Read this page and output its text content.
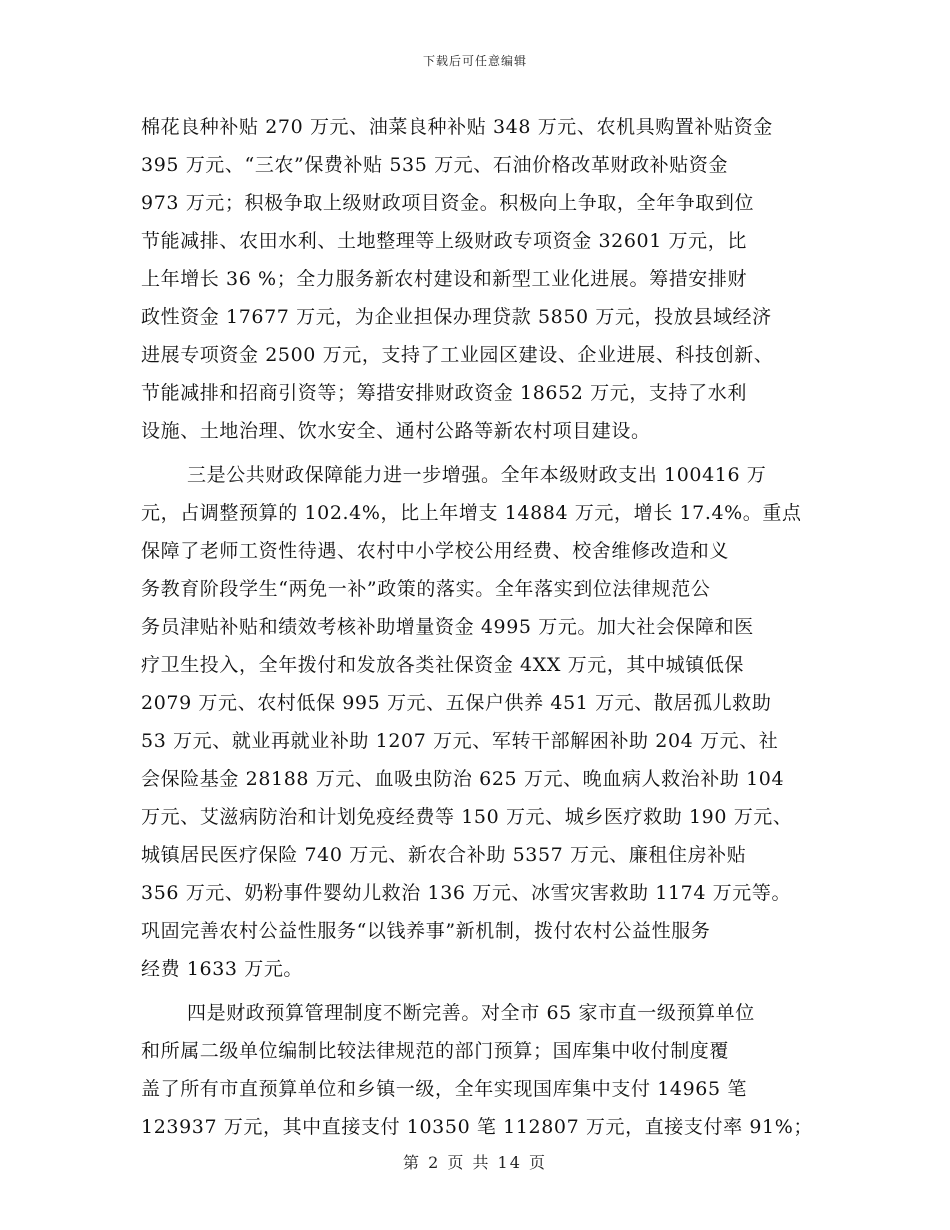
下载后可任意编辑
棉花良种补贴 270 万元、油菜良种补贴 348 万元、农机具购置补贴资金
395 万元、“三农”保费补贴 535 万元、石油价格改革财政补贴资金
973 万元；积极争取上级财政项目资金。积极向上争取，全年争取到位
节能减排、农田水利、土地整理等上级财政专项资金 32601 万元，比
上年增长 36 %；全力服务新农村建设和新型工业化进展。筹措安排财
政性资金 17677 万元，为企业担保办理贷款 5850 万元，投放县域经济
进展专项资金 2500 万元，支持了工业园区建设、企业进展、科技创新、
节能减排和招商引资等；筹措安排财政资金 18652 万元，支持了水利
设施、土地治理、饮水安全、通村公路等新农村项目建设。
三是公共财政保障能力进一步增强。全年本级财政支出 100416 万
元，占调整预算的 102.4%，比上年增支 14884 万元，增长 17.4%。重点
保障了老师工资性待遇、农村中小学校公用经费、校舍维修改造和义
务教育阶段学生“两免一补”政策的落实。全年落实到位法律规范公
务员津贴补贴和绩效考核补助增量资金 4995 万元。加大社会保障和医
疗卫生投入，全年拨付和发放各类社保资金 4XX 万元，其中城镇低保
2079 万元、农村低保 995 万元、五保户供养 451 万元、散居孤儿救助
53 万元、就业再就业补助 1207 万元、军转干部解困补助 204 万元、社
会保险基金 28188 万元、血吸虫防治 625 万元、晚血病人救治补助 104
万元、艾滋病防治和计划免疫经费等 150 万元、城乡医疗救助 190 万元、
城镇居民医疗保险 740 万元、新农合补助 5357 万元、廉租住房补贴
356 万元、奶粉事件婴幼儿救治 136 万元、冰雪灾害救助 1174 万元等。
巩固完善农村公益性服务“以钱养事”新机制，拨付农村公益性服务
经费 1633 万元。
四是财政预算管理制度不断完善。对全市 65 家市直一级预算单位
和所属二级单位编制比较法律规范的部门预算；国库集中收付制度覆
盖了所有市直预算单位和乡镇一级，全年实现国库集中支付 14965 笔
123937 万元，其中直接支付 10350 笔 112807 万元，直接支付率 91%；
第 2 页 共 14 页
